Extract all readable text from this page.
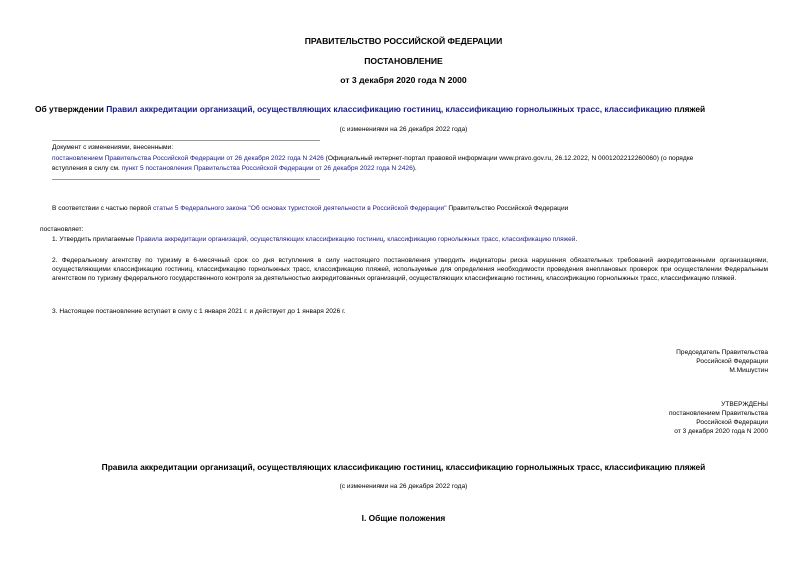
ПРАВИТЕЛЬСТВО РОССИЙСКОЙ ФЕДЕРАЦИИ
ПОСТАНОВЛЕНИЕ
от 3 декабря 2020 года N 2000
Об утверждении Правил аккредитации организаций, осуществляющих классификацию гостиниц, классификацию горнолыжных трасс, классификацию пляжей
(с изменениями на 26 декабря 2022 года)
Документ с изменениями, внесенными:
постановлением Правительства Российской Федерации от 26 декабря 2022 года N 2426 (Официальный интернет-портал правовой информации www.pravo.gov.ru, 26.12.2022, N 0001202212260060) (о порядке
вступления в силу см. пункт 5 постановления Правительства Российской Федерации от 26 декабря 2022 года N 2426).
В соответствии с частью первой статьи 5 Федерального закона "Об основах туристской деятельности в Российской Федерации" Правительство Российской Федерации
постановляет:
1. Утвердить прилагаемые Правила аккредитации организаций, осуществляющих классификацию гостиниц, классификацию горнолыжных трасс, классификацию пляжей.
2. Федеральному агентству по туризму в 6-месячный срок со дня вступления в силу настоящего постановления утвердить индикаторы риска нарушения обязательных требований аккредитованными организациями, осуществляющими классификацию гостиниц, классификацию горнолыжных трасс, классификацию пляжей, используемые для определения необходимости проведения внеплановых проверок при осуществлении Федеральным агентством по туризму федерального государственного контроля за деятельностью аккредитованных организаций, осуществляющих классификацию гостиниц, классификацию горнолыжных трасс, классификацию пляжей.
3. Настоящее постановление вступает в силу с 1 января 2021 г. и действует до 1 января 2026 г.
Председатель Правительства
Российской Федерации
М.Мишустин
УТВЕРЖДЕНЫ
постановлением Правительства
Российской Федерации
от 3 декабря 2020 года N 2000
Правила аккредитации организаций, осуществляющих классификацию гостиниц, классификацию горнолыжных трасс, классификацию пляжей
(с изменениями на 26 декабря 2022 года)
I. Общие положения
